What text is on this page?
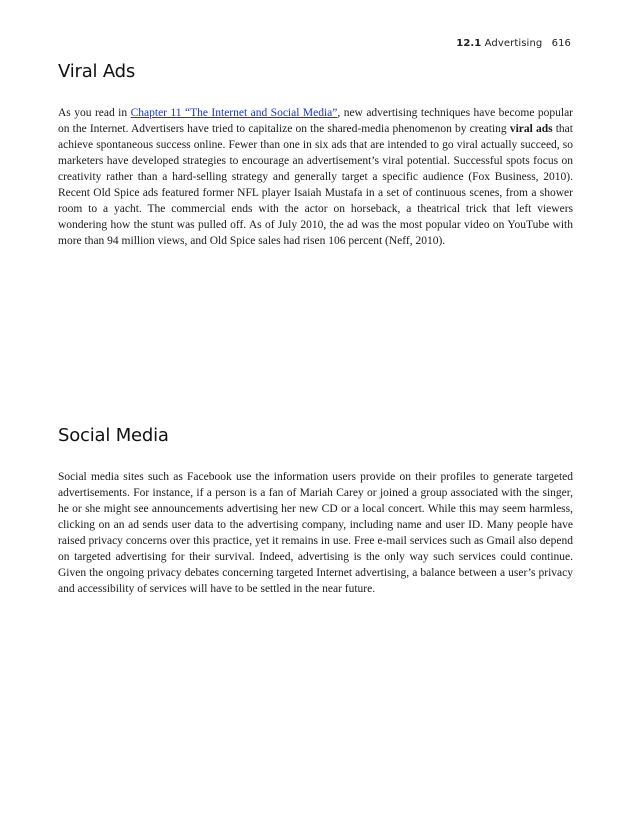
12.1 Advertising 616
Viral Ads

As you read in Chapter 11 “The Internet and Social Media”, new advertising techniques have become popular on the Internet. Advertisers have tried to capitalize on the shared-media phenomenon by creating viral ads that achieve spontaneous success online. Fewer than one in six ads that are intended to go viral actually succeed, so marketers have developed strategies to encourage an advertisement’s viral potential. Successful spots focus on creativity rather than a hard-selling strategy and generally target a specific audience (Fox Business, 2010). Recent Old Spice ads featured former NFL player Isaiah Mustafa in a set of continuous scenes, from a shower room to a yacht. The commercial ends with the actor on horseback, a theatrical trick that left viewers wondering how the stunt was pulled off. As of July 2010, the ad was the most popular video on YouTube with more than 94 million views, and Old Spice sales had risen 106 percent (Neff, 2010).

Social Media

Social media sites such as Facebook use the information users provide on their profiles to generate targeted advertisements. For instance, if a person is a fan of Mariah Carey or joined a group associated with the singer, he or she might see announcements advertising her new CD or a local concert. While this may seem harmless, clicking on an ad sends user data to the advertising company, including name and user ID. Many people have raised privacy concerns over this practice, yet it remains in use. Free e-mail services such as Gmail also depend on targeted advertising for their survival. Indeed, advertising is the only way such services could continue. Given the ongoing privacy debates concerning targeted Internet advertising, a balance between a user’s privacy and accessibility of services will have to be settled in the near future.
